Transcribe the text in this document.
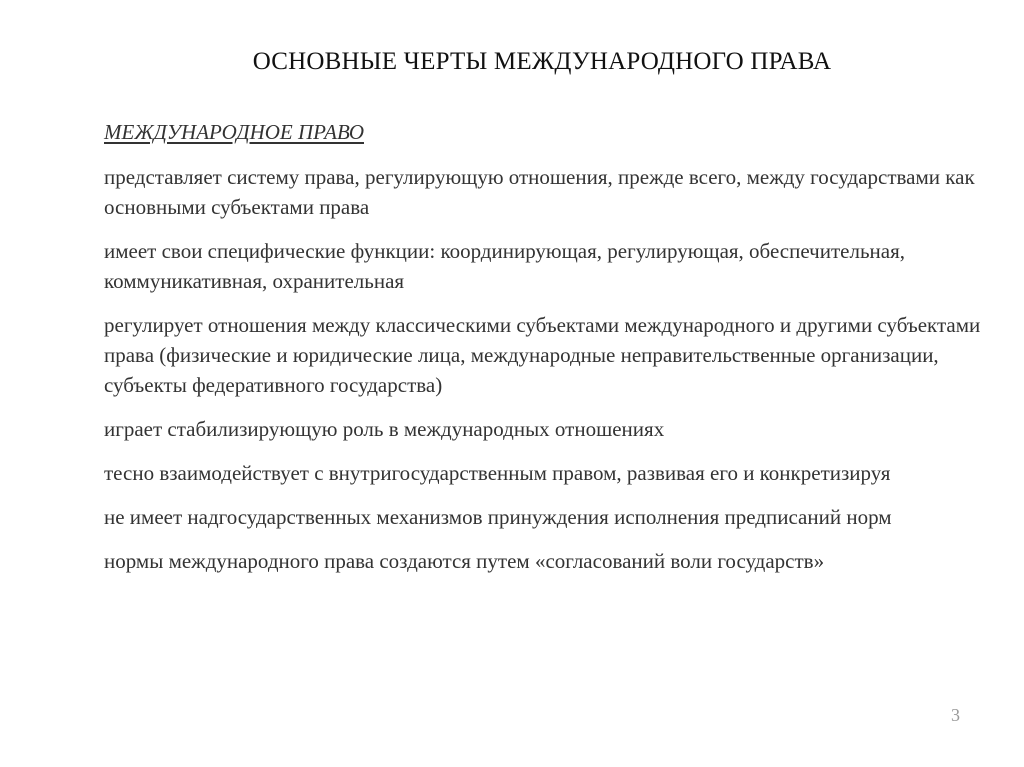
ОСНОВНЫЕ ЧЕРТЫ МЕЖДУНАРОДНОГО ПРАВА
МЕЖДУНАРОДНОЕ ПРАВО
представляет систему права, регулирующую отношения, прежде всего, между государствами как основными субъектами права
имеет свои специфические функции: координирующая, регулирующая, обеспечительная, коммуникативная, охранительная
регулирует отношения между классическими субъектами международного и другими субъектами права (физические и юридические лица, международные неправительственные организации, субъекты федеративного государства)
играет стабилизирующую роль в международных отношениях
тесно взаимодействует с внутригосударственным правом, развивая его и конкретизируя
не имеет надгосударственных механизмов принуждения исполнения предписаний норм
нормы международного права создаются путем «согласований воли государств»
3
